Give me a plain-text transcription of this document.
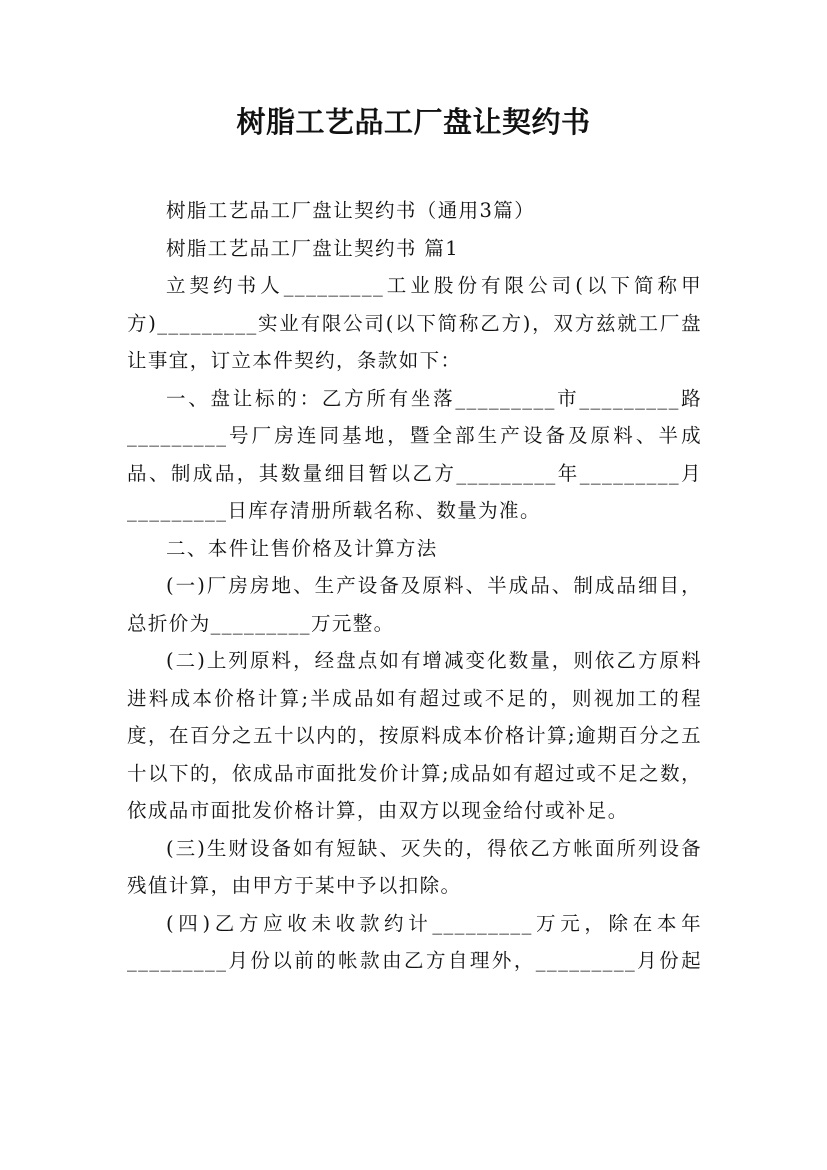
树脂工艺品工厂盘让契约书

树脂工艺品工厂盘让契约书（通用3篇）

树脂工艺品工厂盘让契约书 篇1

立契约书人_________工业股份有限公司(以下简称甲方)_________实业有限公司(以下简称乙方)，双方兹就工厂盘让事宜，订立本件契约，条款如下：

一、盘让标的：乙方所有坐落_________市_________路_________号厂房连同基地，暨全部生产设备及原料、半成品、制成品，其数量细目暂以乙方_________年_________月_________日库存清册所载名称、数量为准。

二、本件让售价格及计算方法

(一)厂房房地、生产设备及原料、半成品、制成品细目，总折价为_________万元整。

(二)上列原料，经盘点如有增减变化数量，则依乙方原料进料成本价格计算;半成品如有超过或不足的，则视加工的程度，在百分之五十以内的，按原料成本价格计算;逾期百分之五十以下的，依成品市面批发价计算;成品如有超过或不足之数，依成品市面批发价格计算，由双方以现金给付或补足。

(三)生财设备如有短缺、灭失的，得依乙方帐面所列设备残值计算，由甲方于某中予以扣除。

(四)乙方应收未收款约计_________万元，除在本年_________月份以前的帐款由乙方自理外，_________月份起
